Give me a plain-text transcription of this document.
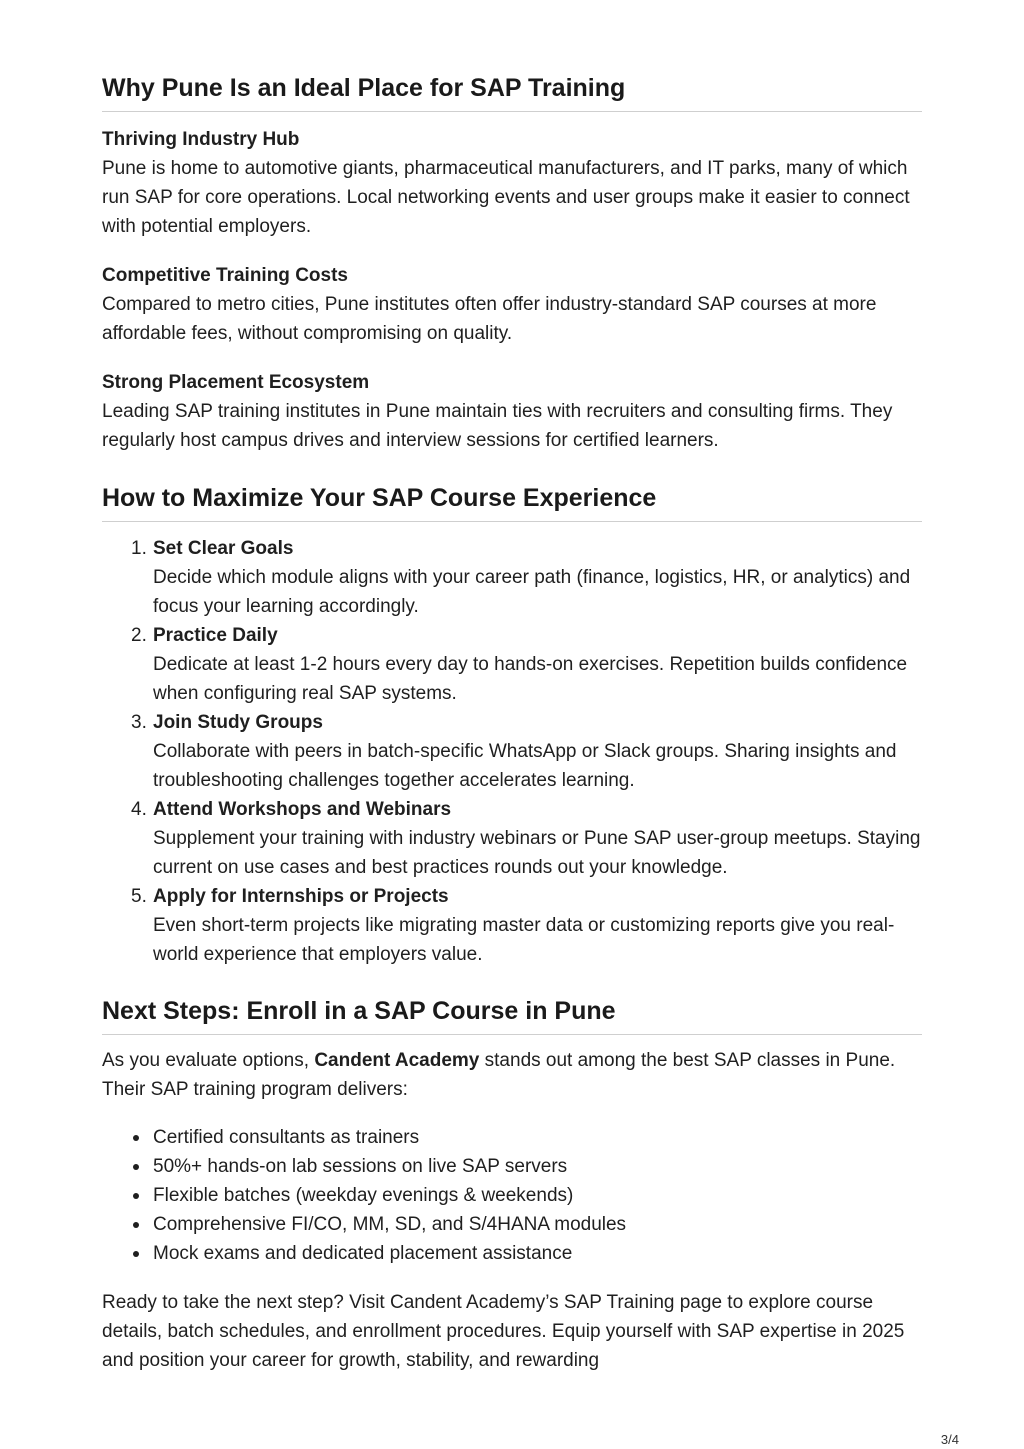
Why Pune Is an Ideal Place for SAP Training

Thriving Industry Hub
Pune is home to automotive giants, pharmaceutical manufacturers, and IT parks, many of which run SAP for core operations. Local networking events and user groups make it easier to connect with potential employers.

Competitive Training Costs
Compared to metro cities, Pune institutes often offer industry-standard SAP courses at more affordable fees, without compromising on quality.

Strong Placement Ecosystem
Leading SAP training institutes in Pune maintain ties with recruiters and consulting firms. They regularly host campus drives and interview sessions for certified learners.

How to Maximize Your SAP Course Experience
1. Set Clear Goals
Decide which module aligns with your career path (finance, logistics, HR, or analytics) and focus your learning accordingly.
2. Practice Daily
Dedicate at least 1-2 hours every day to hands-on exercises. Repetition builds confidence when configuring real SAP systems.
3. Join Study Groups
Collaborate with peers in batch-specific WhatsApp or Slack groups. Sharing insights and troubleshooting challenges together accelerates learning.
4. Attend Workshops and Webinars
Supplement your training with industry webinars or Pune SAP user-group meetups. Staying current on use cases and best practices rounds out your knowledge.
5. Apply for Internships or Projects
Even short-term projects like migrating master data or customizing reports give you real-world experience that employers value.
Next Steps: Enroll in a SAP Course in Pune

As you evaluate options, Candent Academy stands out among the best SAP classes in Pune. Their SAP training program delivers:

Certified consultants as trainers
50%+ hands-on lab sessions on live SAP servers
Flexible batches (weekday evenings & weekends)
Comprehensive FI/CO, MM, SD, and S/4HANA modules
Mock exams and dedicated placement assistance

Ready to take the next step? Visit Candent Academy’s SAP Training page to explore course details, batch schedules, and enrollment procedures. Equip yourself with SAP expertise in 2025 and position your career for growth, stability, and rewarding

3/4
